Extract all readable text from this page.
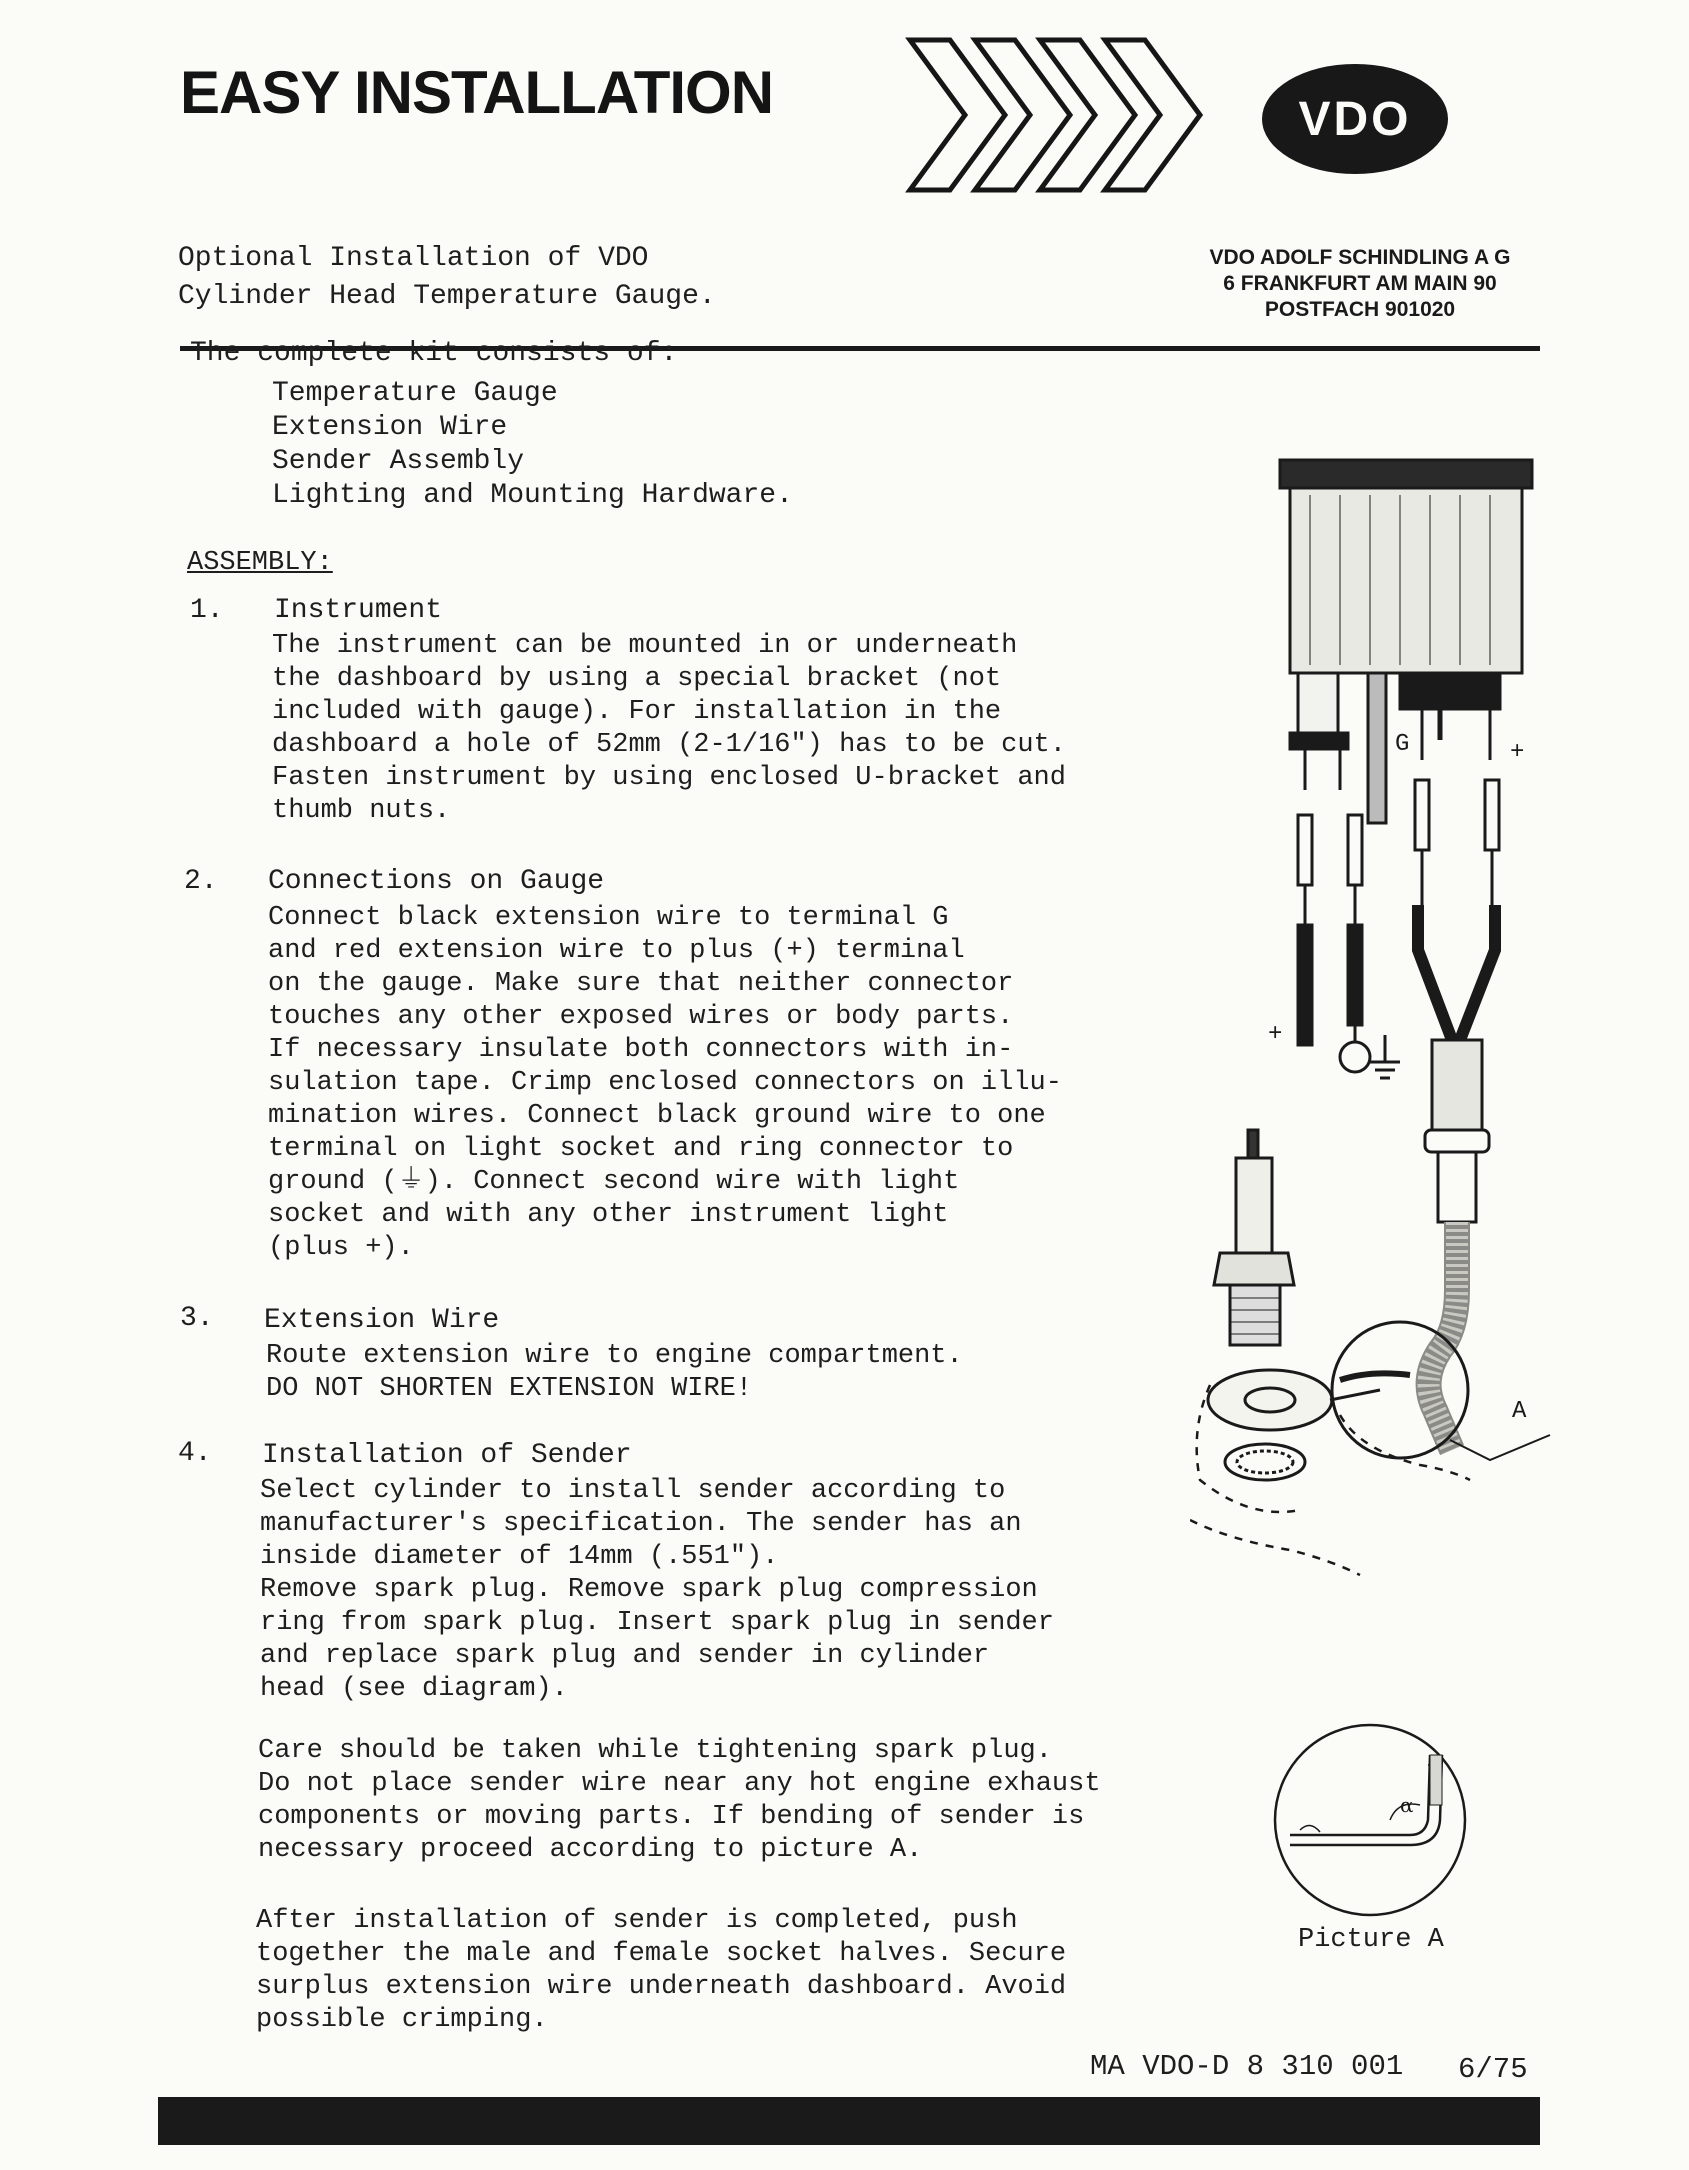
EASY INSTALLATION	VDO
Optional Installation of VDO
Cylinder Head Temperature Gauge.
VDO ADOLF SCHINDLING A G
6 FRANKFURT AM MAIN 90
POSTFACH 901020
The complete kit consists of:
Temperature Gauge
Extension Wire
Sender Assembly
Lighting and Mounting Hardware.
ASSEMBLY:
1. Instrument
The instrument can be mounted in or underneath
the dashboard by using a special bracket (not
included with gauge). For installation in the
dashboard a hole of 52mm (2-1/16") has to be cut.
Fasten instrument by using enclosed U-bracket and
thumb nuts.
2. Connections on Gauge
Connect black extension wire to terminal G
and red extension wire to plus (+) terminal
on the gauge. Make sure that neither connector
touches any other exposed wires or body parts.
If necessary insulate both connectors with in-
sulation tape. Crimp enclosed connectors on illu-
mination wires. Connect black ground wire to one
terminal on light socket and ring connector to
ground (⏚). Connect second wire with light
socket and with any other instrument light
(plus +).
3. Extension Wire
Route extension wire to engine compartment.
DO NOT SHORTEN EXTENSION WIRE!
4. Installation of Sender
Select cylinder to install sender according to
manufacturer's specification. The sender has an
inside diameter of 14mm (.551").
Remove spark plug. Remove spark plug compression
ring from spark plug. Insert spark plug in sender
and replace spark plug and sender in cylinder
head (see diagram).
Care should be taken while tightening spark plug.
Do not place sender wire near any hot engine exhaust
components or moving parts. If bending of sender is
necessary proceed according to picture A.
After installation of sender is completed, push
together the male and female socket halves. Secure
surplus extension wire underneath dashboard. Avoid
possible crimping.
G	+
+
A
α
Picture A
MA VDO-D 8 310 001 6/75
